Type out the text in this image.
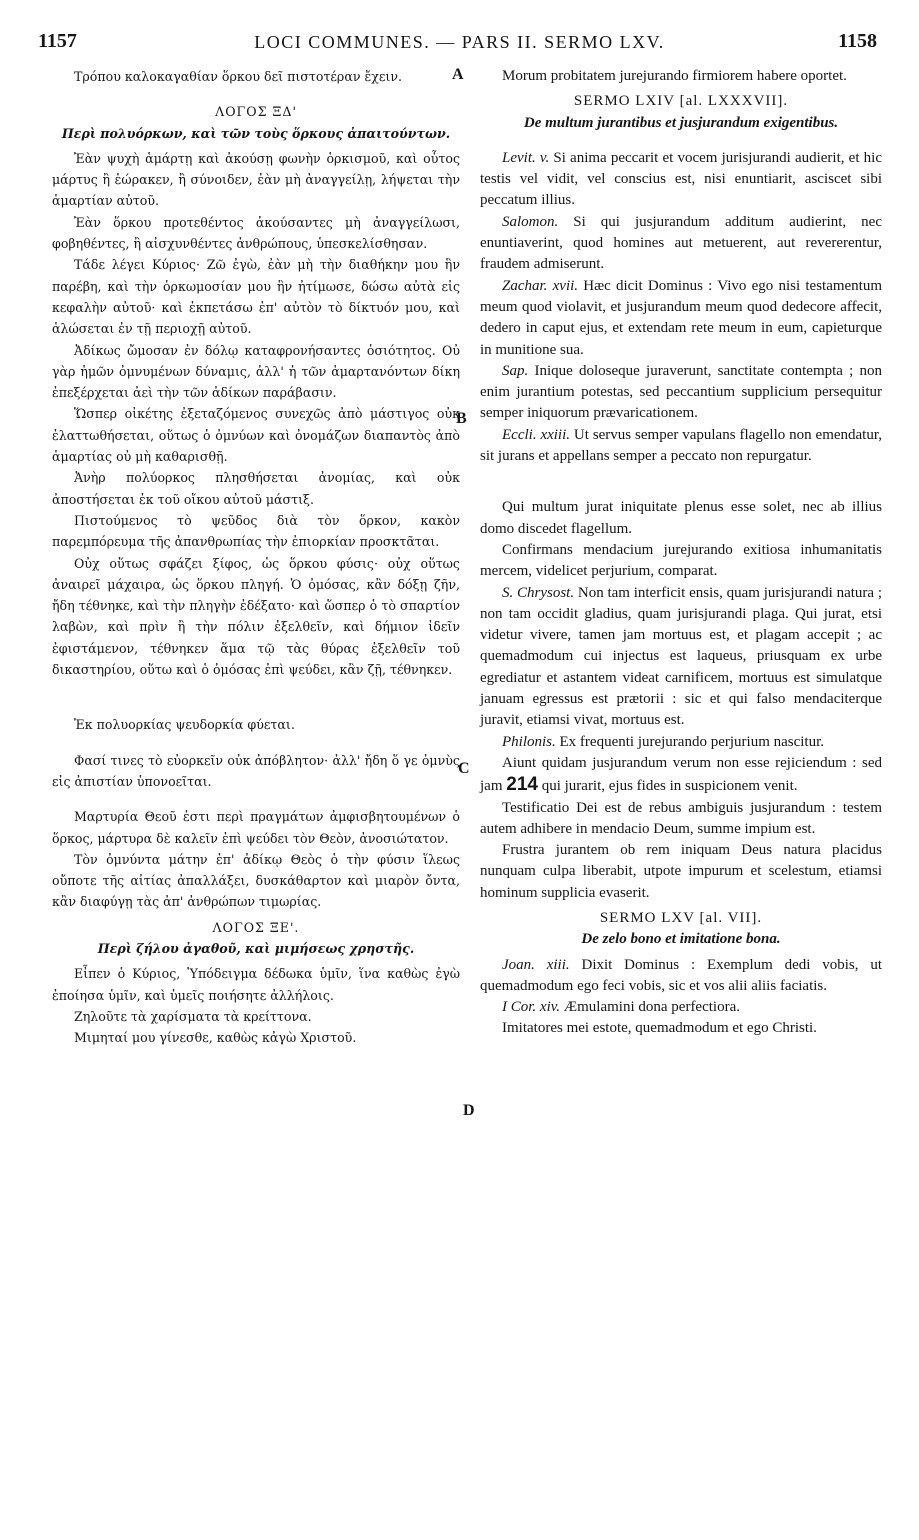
1157	LOCI COMMUNES. — PARS II. SERMO LXV.	1158
A
B
C
D

Τρόπου καλοκαγαθίαν ὅρκου δεῖ πιστοτέραν ἔχειν.

ΛΟΓΟΣ ΞΔ'

Περὶ πολυόρκων, καὶ τῶν τοὺς ὅρκους ἀπαιτούντων.

Ἐὰν ψυχὴ ἁμάρτῃ καὶ ἀκούσῃ φωνὴν ὁρκισμοῦ, καὶ οὗτος μάρτυς ἢ ἑώρακεν, ἢ σύνοιδεν, ἐὰν μὴ ἀναγγείλῃ, λήψεται τὴν ἁμαρτίαν αὐτοῦ.

Ἐὰν ὅρκου προτεθέντος ἀκούσαντες μὴ ἀναγγείλωσι, φοβηθέντες, ἢ αἰσχυνθέντες ἀνθρώπους, ὑπεσκελίσθησαν.

Τάδε λέγει Κύριος· Ζῶ ἐγὼ, ἐὰν μὴ τὴν διαθήκην μου ἣν παρέβη, καὶ τὴν ὁρκωμοσίαν μου ἣν ἠτίμωσε, δώσω αὐτὰ εἰς κεφαλὴν αὐτοῦ· καὶ ἐκπετάσω ἐπ' αὐτὸν τὸ δίκτυόν μου, καὶ ἁλώσεται ἐν τῇ περιοχῇ αὐτοῦ.

Ἀδίκως ὤμοσαν ἐν δόλῳ καταφρονήσαντες ὁσιότητος. Οὐ γὰρ ἡμῶν ὀμνυμένων δύναμις, ἀλλ' ἡ τῶν ἁμαρτανόντων δίκη ἐπεξέρχεται ἀεὶ τὴν τῶν ἀδίκων παράβασιν.

Ὥσπερ οἰκέτης ἐξεταζόμενος συνεχῶς ἀπὸ μάστιγος οὐκ ἐλαττωθήσεται, οὕτως ὁ ὀμνύων καὶ ὀνομάζων διαπαντὸς ἀπὸ ἁμαρτίας οὐ μὴ καθαρισθῇ.

Ἀνὴρ πολύορκος πλησθήσεται ἀνομίας, καὶ οὐκ ἀποστήσεται ἐκ τοῦ οἴκου αὐτοῦ μάστιξ.

Πιστούμενος τὸ ψεῦδος διὰ τὸν ὅρκον, κακὸν παρεμπόρευμα τῆς ἀπανθρωπίας τὴν ἐπιορκίαν προσκτᾶται.

Οὐχ οὕτως σφάζει ξίφος, ὡς ὅρκου φύσις· οὐχ οὕτως ἀναιρεῖ μάχαιρα, ὡς ὅρκου πληγή. Ὁ ὀμόσας, κἂν δόξῃ ζῆν, ἤδη τέθνηκε, καὶ τὴν πληγὴν ἐδέξατο· καὶ ὥσπερ ὁ τὸ σπαρτίον λαβὼν, καὶ πρὶν ἢ τὴν πόλιν ἐξελθεῖν, καὶ δήμιον ἰδεῖν ἐφιστάμενον, τέθνηκεν ἅμα τῷ τὰς θύρας ἐξελθεῖν τοῦ δικαστηρίου, οὕτω καὶ ὁ ὀμόσας ἐπὶ ψεύδει, κἂν ζῇ, τέθνηκεν.

Ἐκ πολυορκίας ψευδορκία φύεται.

Φασί τινες τὸ εὐορκεῖν οὐκ ἀπόβλητον· ἀλλ' ἤδη ὅ γε ὀμνὺς εἰς ἀπιστίαν ὑπονοεῖται.

Μαρτυρία Θεοῦ ἐστι περὶ πραγμάτων ἀμφισβητουμένων ὁ ὅρκος, μάρτυρα δὲ καλεῖν ἐπὶ ψεύδει τὸν Θεὸν, ἀνοσιώτατον.

Τὸν ὀμνύντα μάτην ἐπ' ἀδίκῳ Θεὸς ὁ τὴν φύσιν ἵλεως οὔποτε τῆς αἰτίας ἀπαλλάξει, δυσκάθαρτον καὶ μιαρὸν ὄντα, κἂν διαφύγῃ τὰς ἀπ' ἀνθρώπων τιμωρίας.

ΛΟΓΟΣ ΞΕ'.

Περὶ ζήλου ἀγαθοῦ, καὶ μιμήσεως χρηστῆς.

Εἶπεν ὁ Κύριος, Ὑπόδειγμα δέδωκα ὑμῖν, ἵνα καθὼς ἐγὼ ἐποίησα ὑμῖν, καὶ ὑμεῖς ποιήσητε ἀλλήλοις.

Ζηλοῦτε τὰ χαρίσματα τὰ κρείττονα.

Μιμηταί μου γίνεσθε, καθὼς κἀγὼ Χριστοῦ.

Morum probitatem jurejurando firmiorem habere oportet.

SERMO LXIV [al. LXXXVII].

De multum jurantibus et jusjurandum exigentibus.

Levit. v. Si anima peccarit et vocem jurisjurandi audierit, et hic testis vel vidit, vel conscius est, nisi enuntiarit, asciscet sibi peccatum illius.

Salomon. Si qui jusjurandum additum audierint, nec enuntiaverint, quod homines aut metuerent, aut revererentur, fraudem admiserunt.

Zachar. xvii. Hæc dicit Dominus : Vivo ego nisi testamentum meum quod violavit, et jusjurandum meum quod dedecore affecit, dedero in caput ejus, et extendam rete meum in eum, capieturque in munitione sua.

Sap. Inique doloseque juraverunt, sanctitate contempta ; non enim jurantium potestas, sed peccantium supplicium persequitur semper iniquorum prævaricationem.

Eccli. xxiii. Ut servus semper vapulans flagello non emendatur, sit jurans et appellans semper a peccato non repurgatur.

Qui multum jurat iniquitate plenus esse solet, nec ab illius domo discedet flagellum.

Confirmans mendacium jurejurando exitiosa inhumanitatis mercem, videlicet perjurium, comparat.

S. Chrysost. Non tam interficit ensis, quam jurisjurandi natura ; non tam occidit gladius, quam jurisjurandi plaga. Qui jurat, etsi videtur vivere, tamen jam mortuus est, et plagam accepit ; ac quemadmodum cui injectus est laqueus, priusquam ex urbe egrediatur et astantem videat carnificem, mortuus est simulatque januam egressus est prætorii : sic et qui falso mendaciterque juravit, etiamsi vivat, mortuus est.

Philonis. Ex frequenti jurejurando perjurium nascitur.

Aiunt quidam jusjurandum verum non esse rejiciendum : sed jam 214 qui jurarit, ejus fides in suspicionem venit.

Testificatio Dei est de rebus ambiguis jusjurandum : testem autem adhibere in mendacio Deum, summe impium est.

Frustra jurantem ob rem iniquam Deus natura placidus nunquam culpa liberabit, utpote impurum et scelestum, etiamsi hominum supplicia evaserit.

SERMO LXV [al. VII].

De zelo bono et imitatione bona.

Joan. xiii. Dixit Dominus : Exemplum dedi vobis, ut quemadmodum ego feci vobis, sic et vos alii aliis faciatis.

I Cor. xiv. Æmulamini dona perfectiora.

Imitatores mei estote, quemadmodum et ego Christi.
